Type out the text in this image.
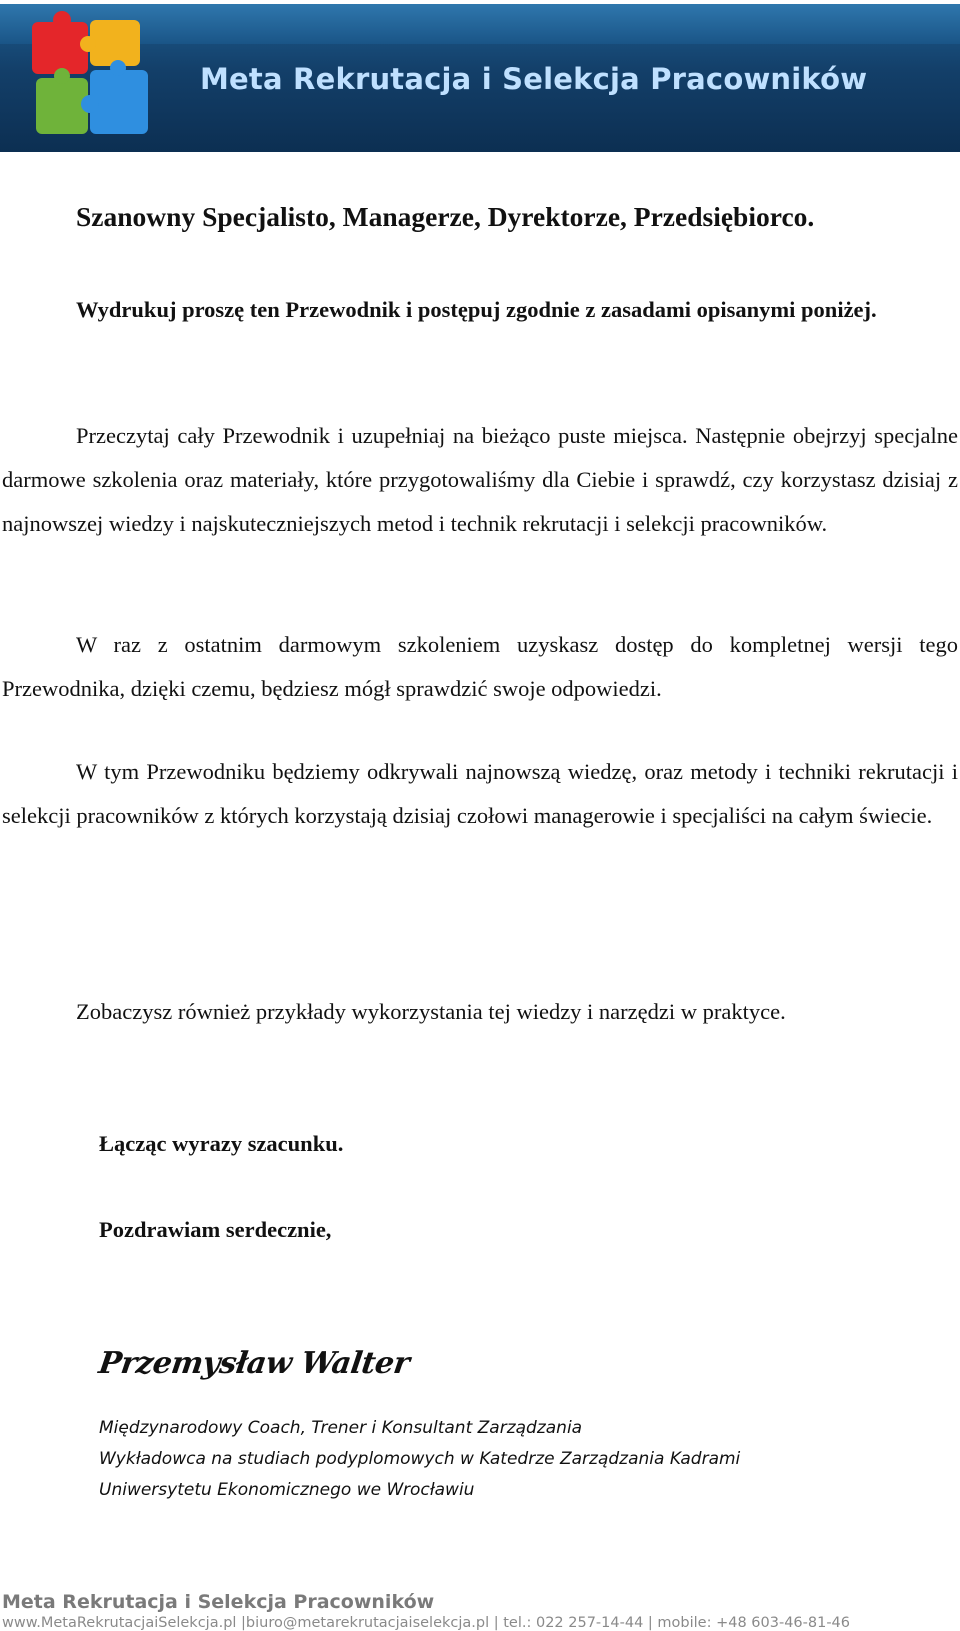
Meta Rekrutacja i Selekcja Pracowników
Szanowny Specjalisto, Managerze, Dyrektorze, Przedsiębiorco.
Wydrukuj proszę ten Przewodnik i postępuj zgodnie z zasadami opisanymi poniżej.
Przeczytaj cały Przewodnik i uzupełniaj na bieżąco puste miejsca. Następnie obejrzyj specjalne darmowe szkolenia oraz materiały, które przygotowaliśmy dla Ciebie i sprawdź, czy korzystasz dzisiaj z najnowszej wiedzy i najskuteczniejszych metod i technik rekrutacji i selekcji pracowników.
W raz z ostatnim darmowym szkoleniem uzyskasz dostęp do kompletnej wersji tego Przewodnika, dzięki czemu, będziesz mógł sprawdzić swoje odpowiedzi.
W tym Przewodniku będziemy odkrywali najnowszą wiedzę, oraz metody i techniki rekrutacji i selekcji pracowników z których korzystają dzisiaj czołowi managerowie i specjaliści na całym świecie.
Zobaczysz również przykłady wykorzystania tej wiedzy i narzędzi w praktyce.
Łącząc wyrazy szacunku.
Pozdrawiam serdecznie,
Przemysław Walter
Międzynarodowy Coach, Trener i Konsultant Zarządzania
Wykładowca na studiach podyplomowych w Katedrze Zarządzania Kadrami
Uniwersytetu Ekonomicznego we Wrocławiu
Meta Rekrutacja i Selekcja Pracowników
www.MetaRekrutacjaiSelekcja.pl |biuro@metarekrutacjaiselekcja.pl | tel.: 022 257-14-44 | mobile: +48 603-46-81-46
